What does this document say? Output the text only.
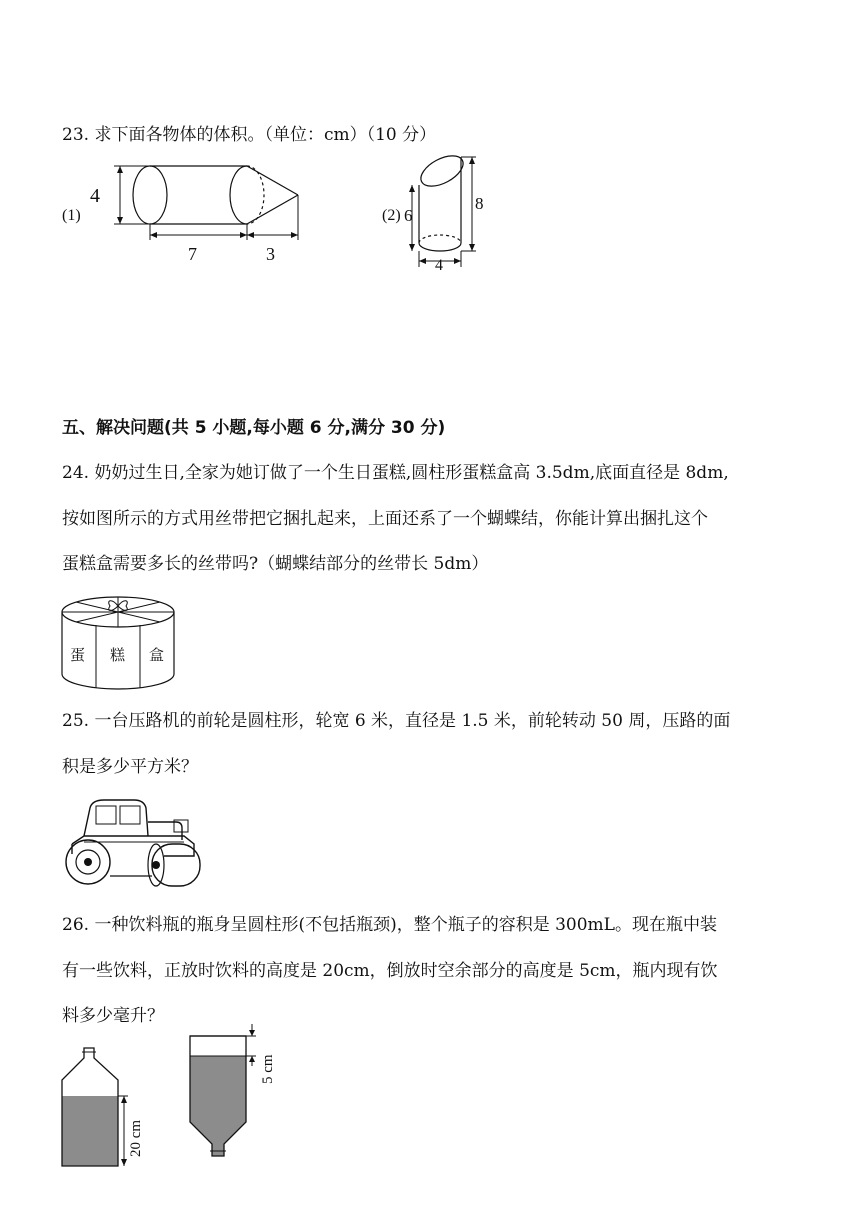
23. 求下面各物体的体积。（单位：cm）（10 分）
(1)
4
7	3
(2) 6
8
4
五、解决问题(共 5 小题,每小题 6 分,满分 30 分)
24. 奶奶过生日,全家为她订做了一个生日蛋糕,圆柱形蛋糕盒高 3.5dm,底面直径是 8dm,
按如图所示的方式用丝带把它捆扎起来，上面还系了一个蝴蝶结，你能计算出捆扎这个
蛋糕盒需要多长的丝带吗?（蝴蝶结部分的丝带长 5dm）
蛋 糕 盒
25. 一台压路机的前轮是圆柱形，轮宽 6 米，直径是 1.5 米，前轮转动 50 周，压路的面
积是多少平方米？
26. 一种饮料瓶的瓶身呈圆柱形(不包括瓶颈)，整个瓶子的容积是 300mL。现在瓶中装
有一些饮料，正放时饮料的高度是 20cm，倒放时空余部分的高度是 5cm，瓶内现有饮
料多少毫升？
20 cm
5 cm
